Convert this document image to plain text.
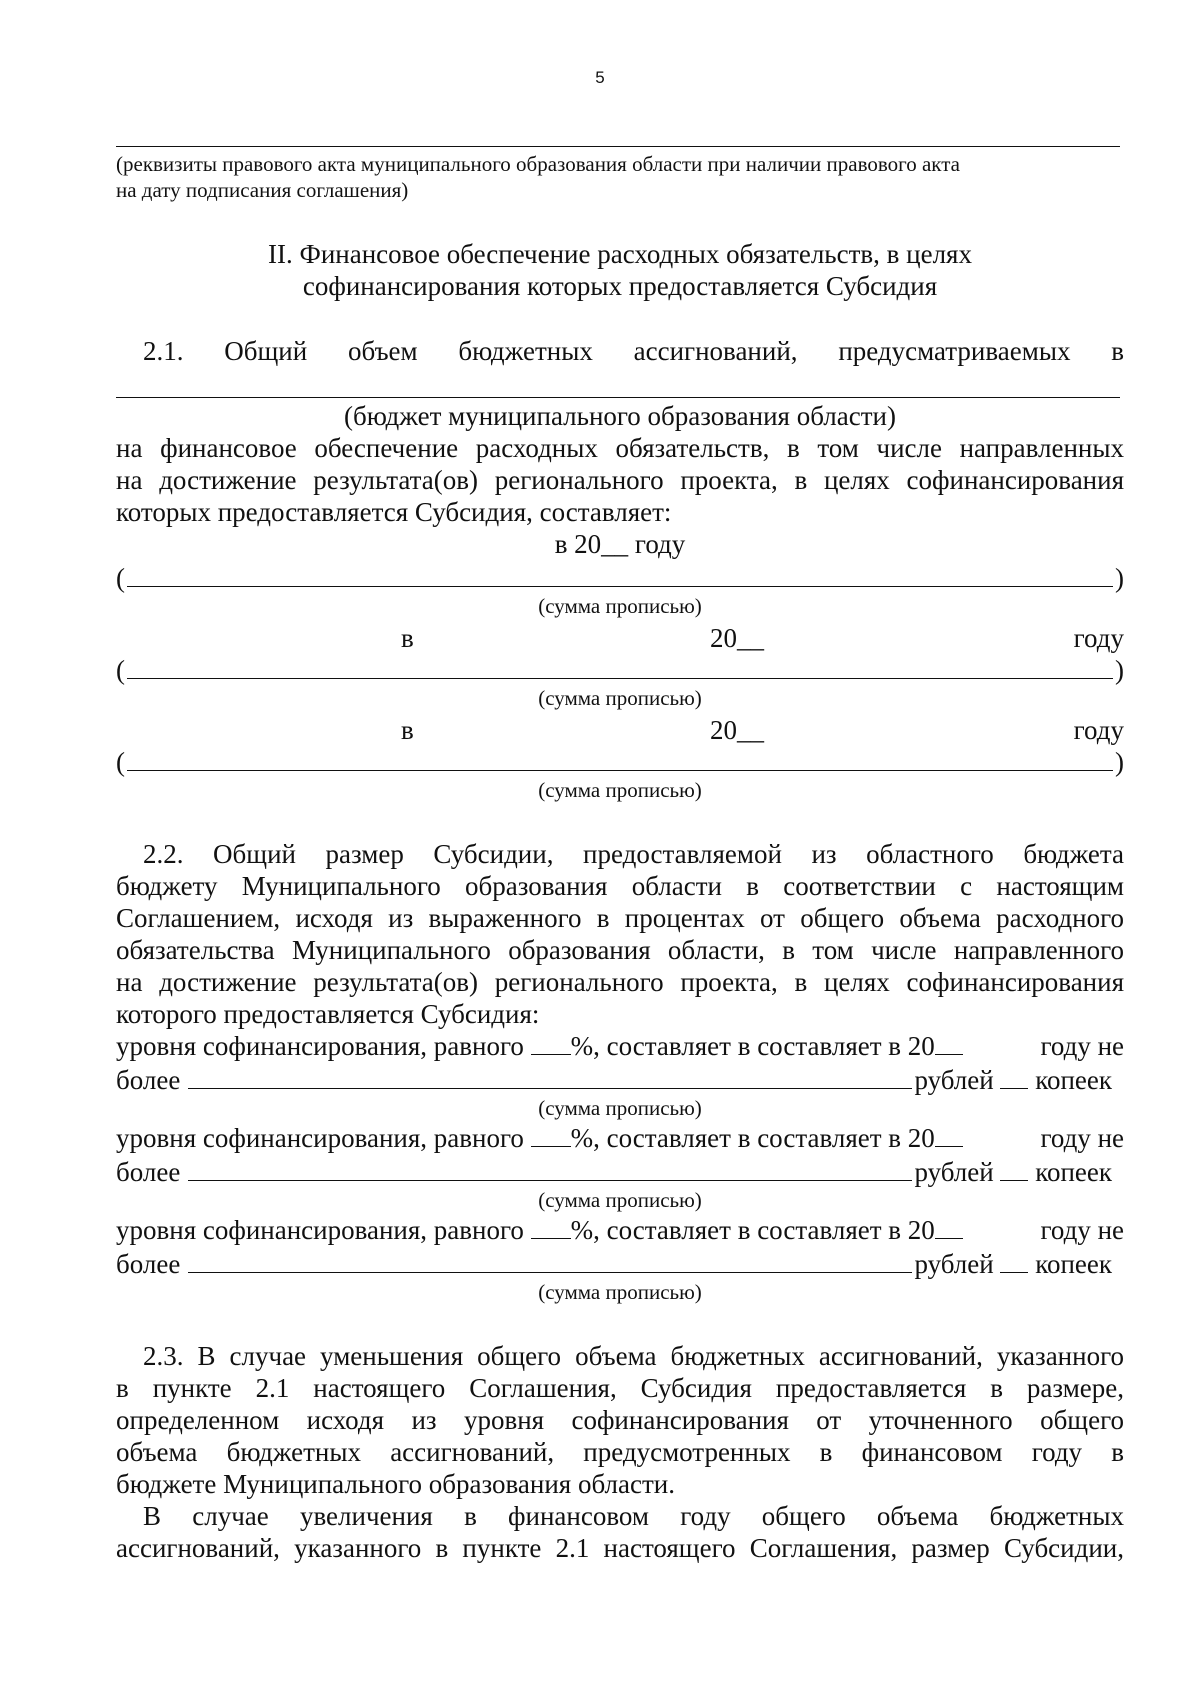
5
(реквизиты правового акта муниципального образования области при наличии правового акта
на дату подписания соглашения)
II. Финансовое обеспечение расходных обязательств, в целях
софинансирования которых предоставляется Субсидия
2.1. Общий объем бюджетных ассигнований, предусматриваемых в
(бюджет муниципального образования области)
на финансовое обеспечение расходных обязательств, в том числе направленных
на достижение результата(ов) регионального проекта, в целях софинансирования
которых предоставляется Субсидия, составляет:
в 20__ году
(	)
(сумма прописью)
в	20__	году
(	)
(сумма прописью)
в	20__	году
(	)
(сумма прописью)
2.2. Общий размер Субсидии, предоставляемой из областного бюджета
бюджету Муниципального образования области в соответствии с настоящим
Соглашением, исходя из выраженного в процентах от общего объема расходного
обязательства Муниципального образования области, в том числе направленного
на достижение результата(ов) регионального проекта, в целях софинансирования
которого предоставляется Субсидия:
уровня софинансирования, равного %, составляет в составляет в 20	году не
более	рублей

копеек
(сумма прописью)
уровня софинансирования, равного %, составляет в составляет в 20	году не
более	рублей

копеек
(сумма прописью)
уровня софинансирования, равного %, составляет в составляет в 20	году не
более	рублей

копеек
(сумма прописью)
2.3. В случае уменьшения общего объема бюджетных ассигнований, указанного
в пункте 2.1 настоящего Соглашения, Субсидия предоставляется в размере,
определенном исходя из уровня софинансирования от уточненного общего
объема бюджетных ассигнований, предусмотренных в финансовом году в
бюджете Муниципального образования области.
В случае увеличения в финансовом году общего объема бюджетных
ассигнований, указанного в пункте 2.1 настоящего Соглашения, размер Субсидии,
